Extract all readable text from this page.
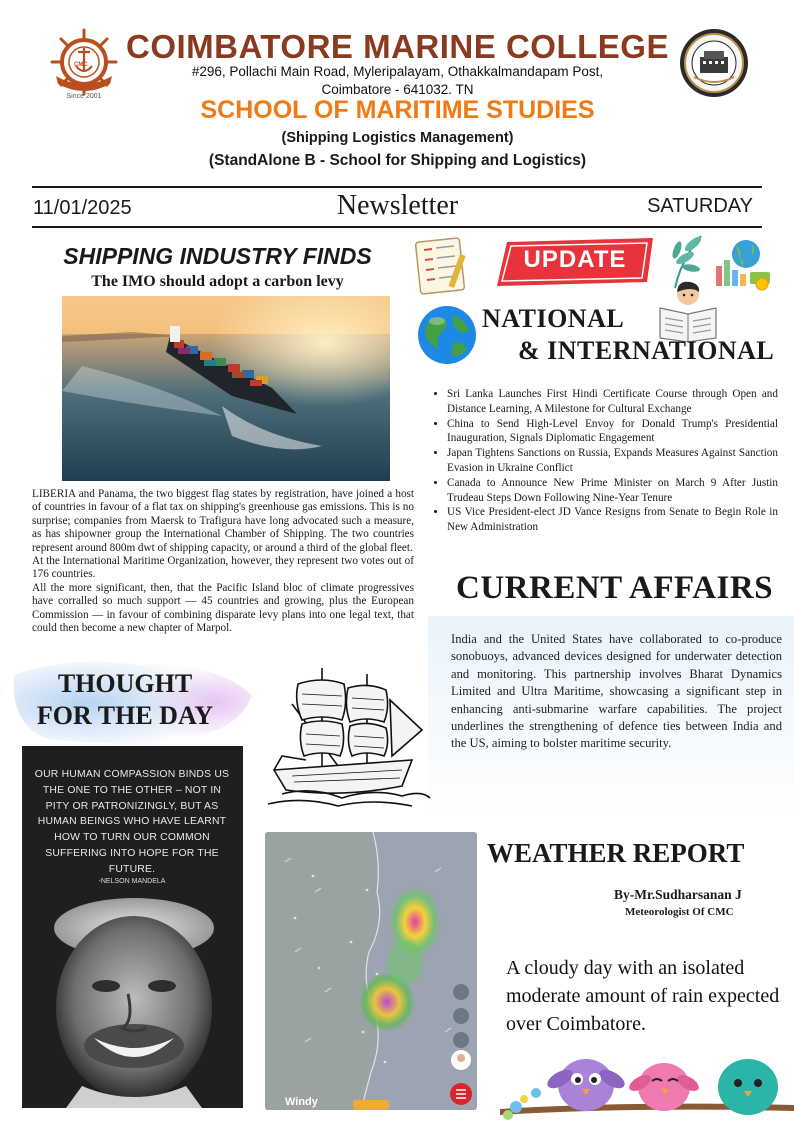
CMC
Since 2001
COIMBATORE MARINE COLLEGE
#296, Pollachi Main Road, Myleripalayam, Othakkalmandapam Post,
Coimbatore - 641032. TN
SCHOOL OF MARITIME STUDIES
(Shipping Logistics Management)
(StandAlone B - School for Shipping and Logistics)
11/01/2025	Newsletter	SATURDAY
SHIPPING INDUSTRY FINDS
The IMO should adopt a carbon levy

LIBERIA and Panama, the two biggest flag states by registration, have joined a host of countries in favour of a flat tax on shipping's greenhouse gas emissions. This is no surprise; companies from Maersk to Trafigura have long advocated such a measure, as has shipowner group the International Chamber of Shipping. The two countries represent around 800m dwt of shipping capacity, or around a third of the global fleet.

At the International Maritime Organization, however, they represent two votes out of 176 countries.

All the more significant, then, that the Pacific Island bloc of climate progressives have corralled so much support — 45 countries and growing, plus the European Commission — in favour of combining disparate levy plans into one legal text, that could then become a new chapter of Marpol.

UPDATE
NATIONAL
& INTERNATIONAL
• Sri Lanka Launches First Hindi Certificate Course through Open and Distance Learning, A Milestone for Cultural Exchange
• China to Send High-Level Envoy for Donald Trump's Presidential Inauguration, Signals Diplomatic Engagement
• Japan Tightens Sanctions on Russia, Expands Measures Against Sanction Evasion in Ukraine Conflict
• Canada to Announce New Prime Minister on March 9 After Justin Trudeau Steps Down Following Nine-Year Tenure
• US Vice President-elect JD Vance Resigns from Senate to Begin Role in New Administration
CURRENT AFFAIRS
India and the United States have collaborated to co-produce sonobuoys, advanced devices designed for underwater detection and monitoring. This partnership involves Bharat Dynamics Limited and Ultra Maritime, showcasing a significant step in enhancing anti-submarine warfare capabilities. The project underlines the strengthening of defence ties between India and the US, aiming to bolster maritime security.
THOUGHT
FOR THE DAY
OUR HUMAN COMPASSION BINDS US THE ONE TO THE OTHER – NOT IN PITY OR PATRONIZINGLY, BUT AS HUMAN BEINGS WHO HAVE LEARNT HOW TO TURN OUR COMMON SUFFERING INTO HOPE FOR THE FUTURE.
-NELSON MANDELA
Windy
WEATHER REPORT
By-Mr.Sudharsanan J
Meteorologist Of CMC
A cloudy day with an isolated moderate amount of rain expected over Coimbatore.
